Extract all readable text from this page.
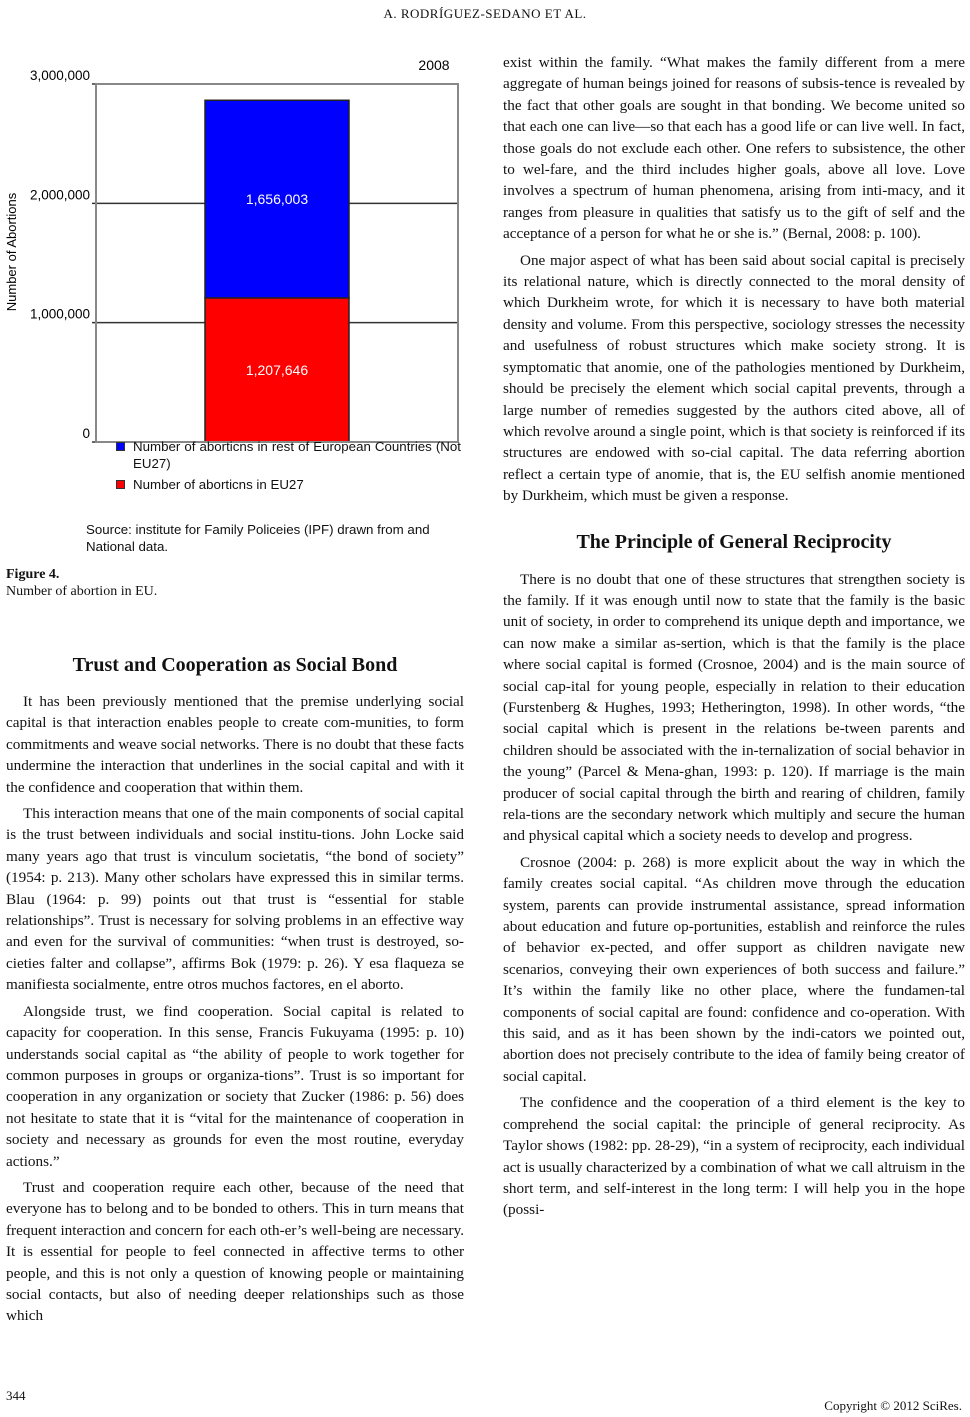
A. RODRÍGUEZ-SEDANO ET AL.
2008
Number of Abortions
0
1,000,000
2,000,000
3,000,000
1,207,646
1,656,003
Number of aborticns in rest of European Countries (Not EU27)
Number of aborticns in EU27
Source: institute for Family Policeies (IPF) drawn from and National data.

Figure 4.
Number of abortion in EU.

Trust and Cooperation as Social Bond

It has been previously mentioned that the premise underlying social capital is that interaction enables people to create com-munities, to form commitments and weave social networks. There is no doubt that these facts undermine the interaction that underlines in the social capital and with it the confidence and cooperation that within them.

This interaction means that one of the main components of social capital is the trust between individuals and social institu-tions. John Locke said many years ago that trust is vinculum societatis, “the bond of society” (1954: p. 213). Many other scholars have expressed this in similar terms. Blau (1964: p. 99) points out that trust is “essential for stable relationships”. Trust is necessary for solving problems in an effective way and even for the survival of communities: “when trust is destroyed, so-cieties falter and collapse”, affirms Bok (1979: p. 26). Y esa flaqueza se manifiesta socialmente, entre otros muchos factores, en el aborto.

Alongside trust, we find cooperation. Social capital is related to capacity for cooperation. In this sense, Francis Fukuyama (1995: p. 10) understands social capital as “the ability of people to work together for common purposes in groups or organiza-tions”. Trust is so important for cooperation in any organization or society that Zucker (1986: p. 56) does not hesitate to state that it is “vital for the maintenance of cooperation in society and necessary as grounds for even the most routine, everyday actions.”

Trust and cooperation require each other, because of the need that everyone has to belong and to be bonded to others. This in turn means that frequent interaction and concern for each oth-er’s well-being are necessary. It is essential for people to feel connected in affective terms to other people, and this is not only a question of knowing people or maintaining social contacts, but also of needing deeper relationships such as those which

exist within the family. “What makes the family different from a mere aggregate of human beings joined for reasons of subsis-tence is revealed by the fact that other goals are sought in that bonding. We become united so that each one can live—so that each has a good life or can live well. In fact, those goals do not exclude each other. One refers to subsistence, the other to wel-fare, and the third includes higher goals, above all love. Love involves a spectrum of human phenomena, arising from inti-macy, and it ranges from pleasure in qualities that satisfy us to the gift of self and the acceptance of a person for what he or she is.” (Bernal, 2008: p. 100).

One major aspect of what has been said about social capital is precisely its relational nature, which is directly connected to the moral density of which Durkheim wrote, for which it is necessary to have both material density and volume. From this perspective, sociology stresses the necessity and usefulness of robust structures which make society strong. It is symptomatic that anomie, one of the pathologies mentioned by Durkheim, should be precisely the element which social capital prevents, through a large number of remedies suggested by the authors cited above, all of which revolve around a single point, which is that society is reinforced if its structures are endowed with so-cial capital. The data referring abortion reflect a certain type of anomie, that is, the EU selfish anomie mentioned by Durkheim, which must be given a response.

The Principle of General Reciprocity

There is no doubt that one of these structures that strengthen society is the family. If it was enough until now to state that the family is the basic unit of society, in order to comprehend its unique depth and importance, we can now make a similar as-sertion, which is that the family is the place where social capital is formed (Crosnoe, 2004) and is the main source of social cap-ital for young people, especially in relation to their education (Furstenberg & Hughes, 1993; Hetherington, 1998). In other words, “the social capital which is present in the relations be-tween parents and children should be associated with the in-ternalization of social behavior in the young” (Parcel & Mena-ghan, 1993: p. 120). If marriage is the main producer of social capital through the birth and rearing of children, family rela-tions are the secondary network which multiply and secure the human and physical capital which a society needs to develop and progress.

Crosnoe (2004: p. 268) is more explicit about the way in which the family creates social capital. “As children move through the education system, parents can provide instrumental assistance, spread information about education and future op-portunities, establish and reinforce the rules of behavior ex-pected, and offer support as children navigate new scenarios, conveying their own experiences of both success and failure.” It’s within the family like no other place, where the fundamen-tal components of social capital are found: confidence and co-operation. With this said, and as it has been shown by the indi-cators we pointed out, abortion does not precisely contribute to the idea of family being creator of social capital.

The confidence and the cooperation of a third element is the key to comprehend the social capital: the principle of general reciprocity. As Taylor shows (1982: pp. 28-29), “in a system of reciprocity, each individual act is usually characterized by a combination of what we call altruism in the short term, and self-interest in the long term: I will help you in the hope (possi-

344
Copyright © 2012 SciRes.
